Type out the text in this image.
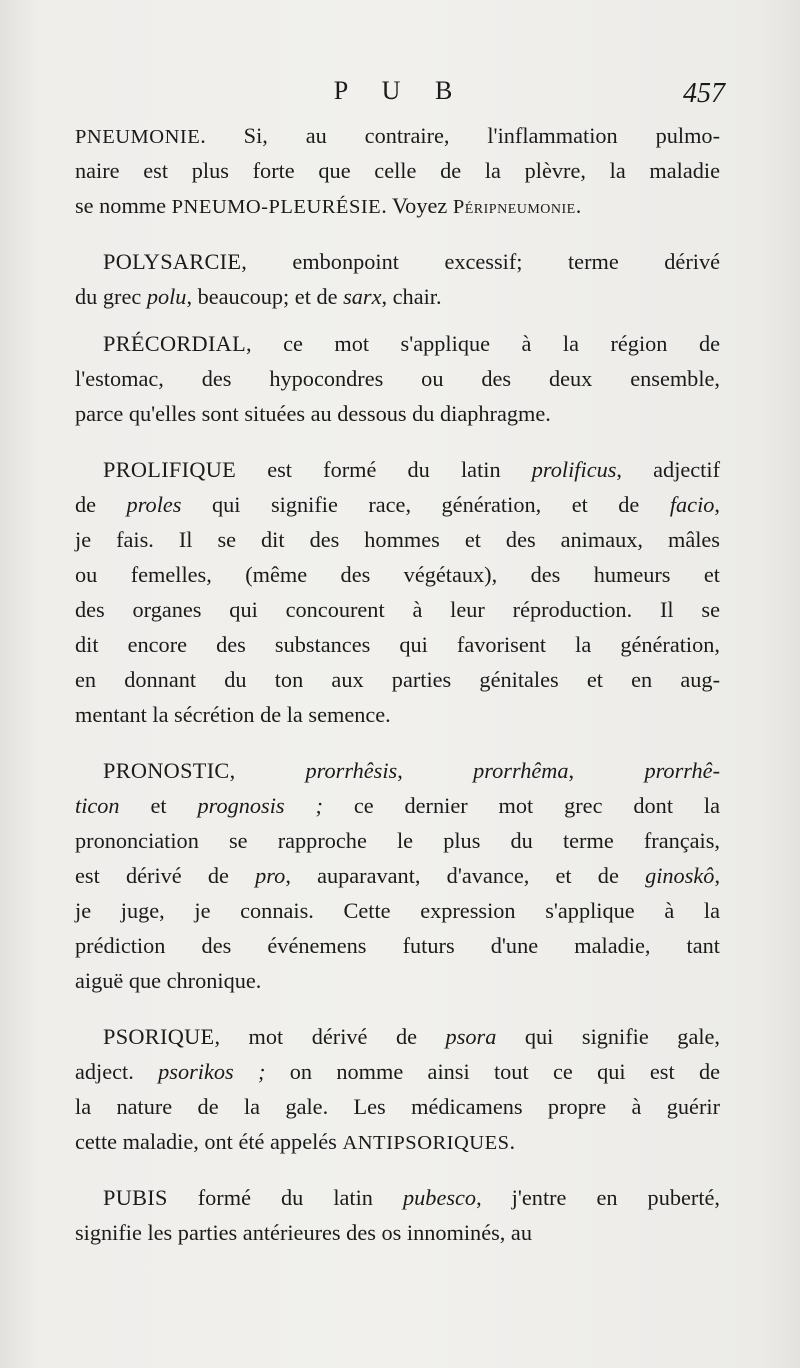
P U B	457
PNEUMONIE. Si, au contraire, l'inflammation pulmo-
naire est plus forte que celle de la plèvre, la maladie
se nomme PNEUMO-PLEURÉSIE. Voyez Péripneumonie.
POLYSARCIE, embonpoint excessif; terme dérivé
du grec polu, beaucoup; et de sarx, chair.
PRÉCORDIAL, ce mot s'applique à la région de
l'estomac, des hypocondres ou des deux ensemble,
parce qu'elles sont situées au dessous du diaphragme.
PROLIFIQUE est formé du latin prolificus, adjectif
de proles qui signifie race, génération, et de facio,
je fais. Il se dit des hommes et des animaux, mâles
ou femelles, (même des végétaux), des humeurs et
des organes qui concourent à leur réproduction. Il se
dit encore des substances qui favorisent la génération,
en donnant du ton aux parties génitales et en aug-
mentant la sécrétion de la semence.
PRONOSTIC, prorrhêsis, prorrhêma, prorrhê-
ticon et prognosis ; ce dernier mot grec dont la
prononciation se rapproche le plus du terme français,
est dérivé de pro, auparavant, d'avance, et de ginoskô,
je juge, je connais. Cette expression s'applique à la
prédiction des événemens futurs d'une maladie, tant
aiguë que chronique.
PSORIQUE, mot dérivé de psora qui signifie gale,
adject. psorikos ; on nomme ainsi tout ce qui est de
la nature de la gale. Les médicamens propre à guérir
cette maladie, ont été appelés ANTIPSORIQUES.
PUBIS formé du latin pubesco, j'entre en puberté,
signifie les parties antérieures des os innominés, au
